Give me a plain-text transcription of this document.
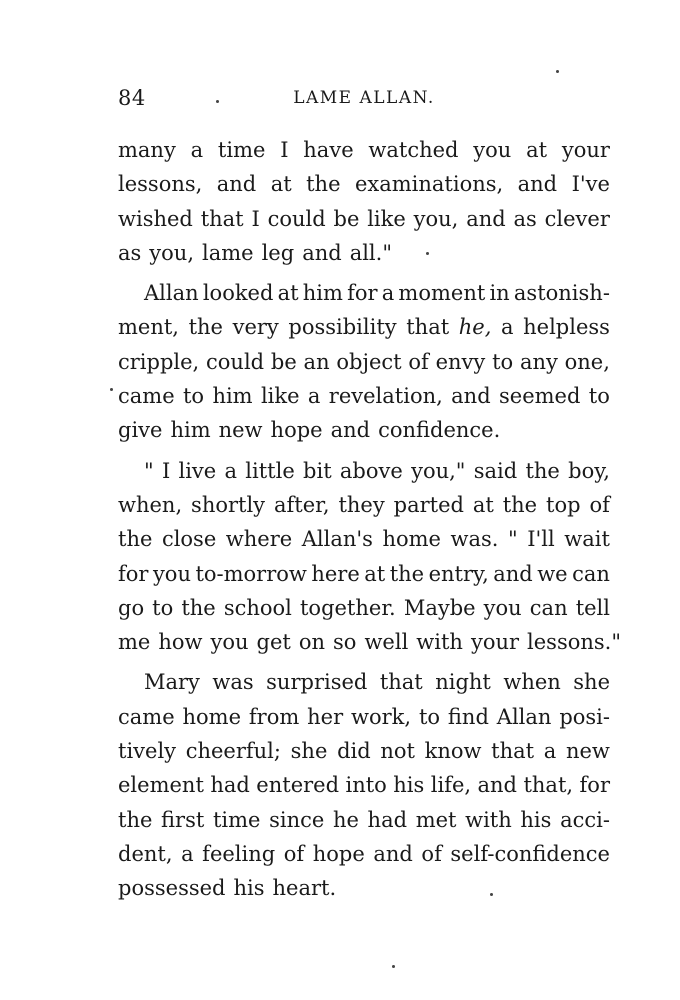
84	LAME ALLAN.
many a time I have watched you at your
lessons, and at the examinations, and I've
wished that I could be like you, and as clever
as you, lame leg and all."
Allan looked at him for a moment in astonish-
ment, the very possibility that he, a helpless
cripple, could be an object of envy to any one,
came to him like a revelation, and seemed to
give him new hope and confidence.
" I live a little bit above you," said the boy,
when, shortly after, they parted at the top of
the close where Allan's home was. " I'll wait
for you to-morrow here at the entry, and we can
go to the school together. Maybe you can tell
me how you get on so well with your lessons."
Mary was surprised that night when she
came home from her work, to find Allan posi-
tively cheerful; she did not know that a new
element had entered into his life, and that, for
the first time since he had met with his acci-
dent, a feeling of hope and of self-confidence
possessed his heart.
